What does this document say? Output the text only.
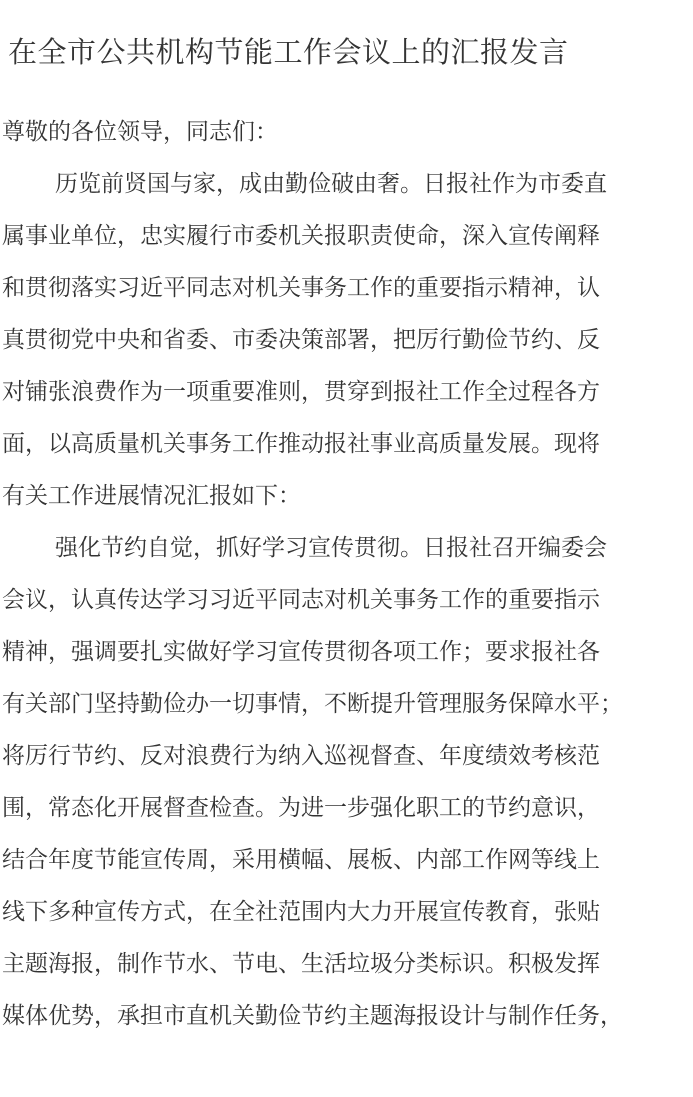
在全市公共机构节能工作会议上的汇报发言
尊敬的各位领导，同志们：
历览前贤国与家，成由勤俭破由奢。日报社作为市委直
属事业单位，忠实履行市委机关报职责使命，深入宣传阐释
和贯彻落实习近平同志对机关事务工作的重要指示精神，认
真贯彻党中央和省委、市委决策部署，把厉行勤俭节约、反
对铺张浪费作为一项重要准则，贯穿到报社工作全过程各方
面，以高质量机关事务工作推动报社事业高质量发展。现将
有关工作进展情况汇报如下：
强化节约自觉，抓好学习宣传贯彻。日报社召开编委会
会议，认真传达学习习近平同志对机关事务工作的重要指示
精神，强调要扎实做好学习宣传贯彻各项工作；要求报社各
有关部门坚持勤俭办一切事情，不断提升管理服务保障水平；
将厉行节约、反对浪费行为纳入巡视督查、年度绩效考核范
围，常态化开展督查检查。为进一步强化职工的节约意识，
结合年度节能宣传周，采用横幅、展板、内部工作网等线上
线下多种宣传方式，在全社范围内大力开展宣传教育，张贴
主题海报，制作节水、节电、生活垃圾分类标识。积极发挥
媒体优势，承担市直机关勤俭节约主题海报设计与制作任务，
